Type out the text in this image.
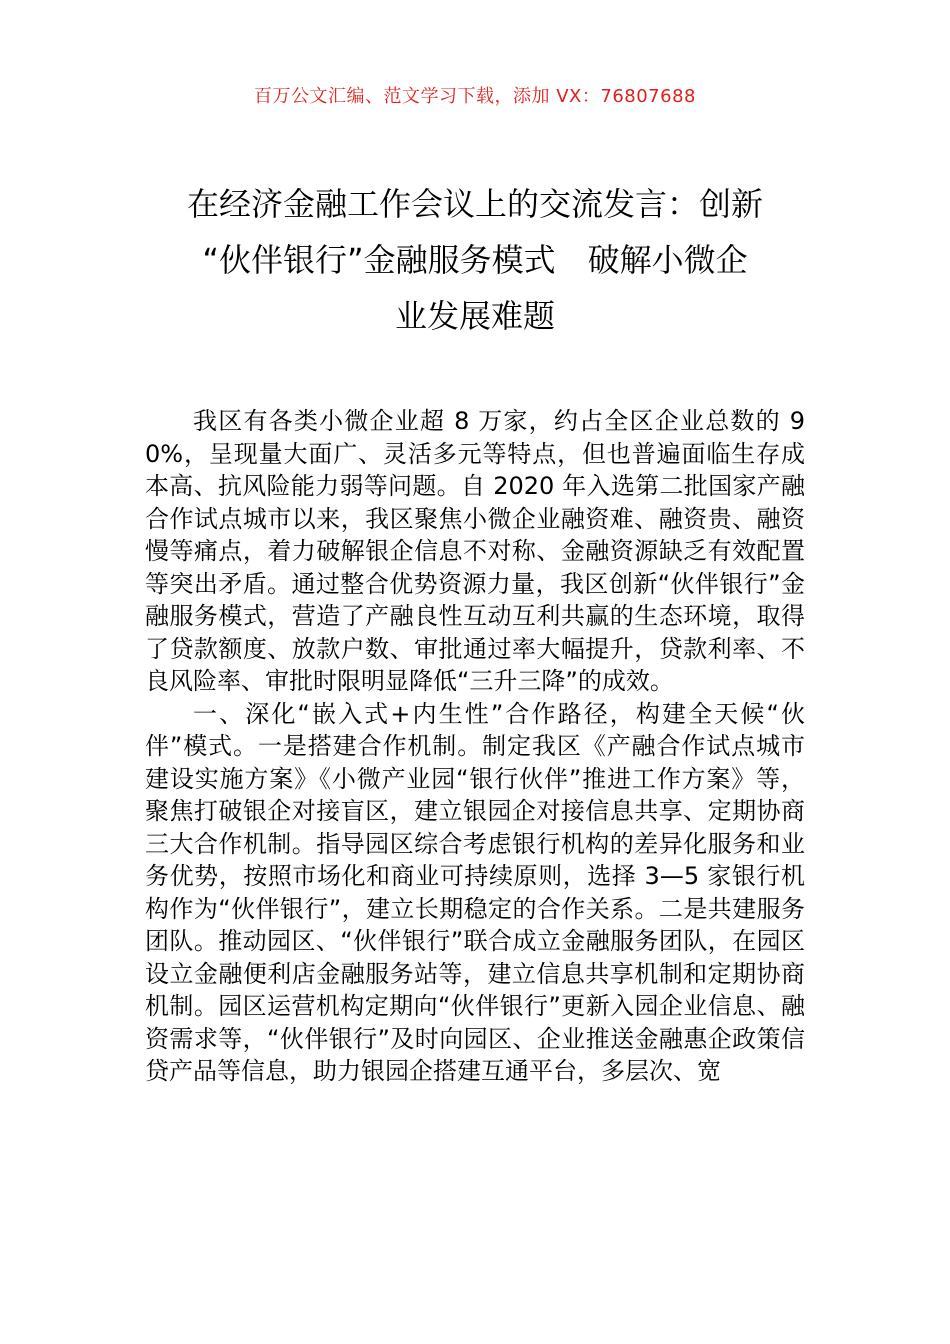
百万公文汇编、范文学习下载，添加 VX：76807688
在经济金融工作会议上的交流发言：创新
“伙伴银行”金融服务模式　破解小微企
业发展难题

我区有各类小微企业超 8 万家，约占全区企业总数的 90%，呈现量大面广、灵活多元等特点，但也普遍面临生存成本高、抗风险能力弱等问题。自 2020 年入选第二批国家产融合作试点城市以来，我区聚焦小微企业融资难、融资贵、融资慢等痛点，着力破解银企信息不对称、金融资源缺乏有效配置等突出矛盾。通过整合优势资源力量，我区创新“伙伴银行”金融服务模式，营造了产融良性互动互利共赢的生态环境，取得了贷款额度、放款户数、审批通过率大幅提升，贷款利率、不良风险率、审批时限明显降低“三升三降”的成效。

一、深化“嵌入式+内生性”合作路径，构建全天候“伙伴”模式。一是搭建合作机制。制定我区《产融合作试点城市建设实施方案》《小微产业园“银行伙伴”推进工作方案》等，聚焦打破银企对接盲区，建立银园企对接信息共享、定期协商三大合作机制。指导园区综合考虑银行机构的差异化服务和业务优势，按照市场化和商业可持续原则，选择 3—5 家银行机构作为“伙伴银行”，建立长期稳定的合作关系。二是共建服务团队。推动园区、“伙伴银行”联合成立金融服务团队，在园区设立金融便利店金融服务站等，建立信息共享机制和定期协商机制。园区运营机构定期向“伙伴银行”更新入园企业信息、融资需求等，“伙伴银行”及时向园区、企业推送金融惠企政策信贷产品等信息，助力银园企搭建互通平台，多层次、宽
